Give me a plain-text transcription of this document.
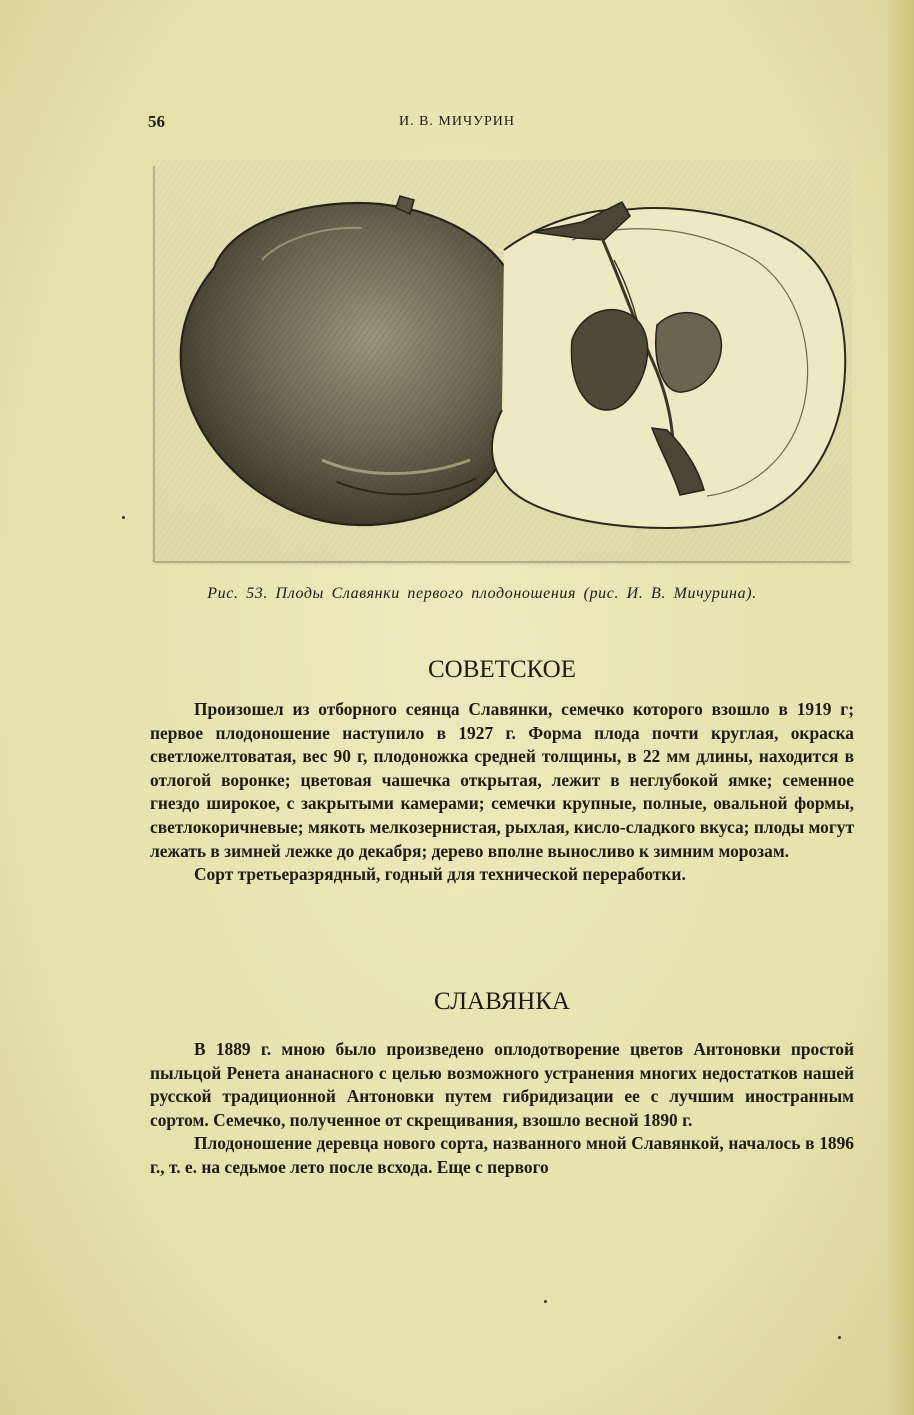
56	И. В. МИЧУРИН
Рис. 53. Плоды Славянки первого плодоношения (рис. И. В. Мичурина).
СОВЕТСКОЕ

Произошел из отборного сеянца Славянки, семечко которого взошло в 1919 г; первое плодоношение наступило в 1927 г. Форма плода почти круглая, окраска светложелтоватая, вес 90 г, плодоножка средней толщины, в 22 мм длины, находится в отлогой воронке; цветовая чашечка открытая, лежит в неглубокой ямке; семенное гнездо широкое, с закрытыми камерами; семечки крупные, полные, овальной формы, светлокоричневые; мякоть мелкозернистая, рыхлая, кисло-сладкого вкуса; плоды могут лежать в зимней лежке до декабря; дерево вполне выносливо к зимним морозам.

Сорт третьеразрядный, годный для технической переработки.

СЛАВЯНКА

В 1889 г. мною было произведено оплодотворение цветов Антоновки простой пыльцой Ренета ананасного с целью возможного устранения многих недостатков нашей русской традиционной Антоновки путем гибридизации ее с лучшим иностранным сортом. Семечко, полученное от скрещивания, взошло весной 1890 г.

Плодоношение деревца нового сорта, названного мной Славянкой, началось в 1896 г., т. е. на седьмое лето после всхода. Еще с первого
